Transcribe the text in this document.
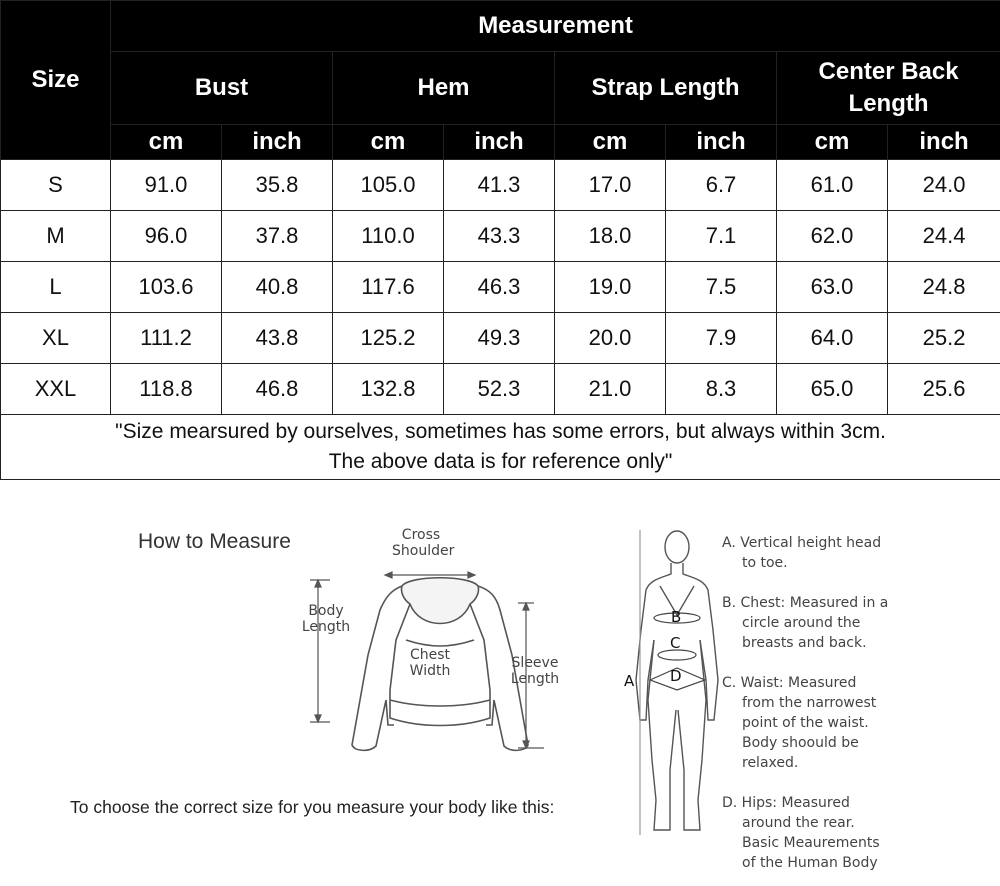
Size	Measurement							
	Bust		Hem		Strap Length		Center Back Length	
	cm	inch	cm	inch	cm	inch	cm	inch
S	91.0	35.8	105.0	41.3	17.0	6.7	61.0	24.0
M	96.0	37.8	110.0	43.3	18.0	7.1	62.0	24.4
L	103.6	40.8	117.6	46.3	19.0	7.5	63.0	24.8
XL	111.2	43.8	125.2	49.3	20.0	7.9	64.0	25.2
XXL	118.8	46.8	132.8	52.3	21.0	8.3	65.0	25.6
"Size mearsured by ourselves, sometimes has some errors, but always within 3cm.
The above data is for reference only"								
How to Measure	Cross
Shoulder
Body
Length
Chest
Width	Sleeve
Length
To choose the correct size for you measure your body like this:
A
B
C
D
A. Vertical height head
to toe.
B. Chest: Measured in a
circle around the
breasts and back.
C. Waist: Measured
from the narrowest
point of the waist.
Body shoould be
relaxed.
D. Hips: Measured
around the rear.
Basic Meaurements
of the Human Body
